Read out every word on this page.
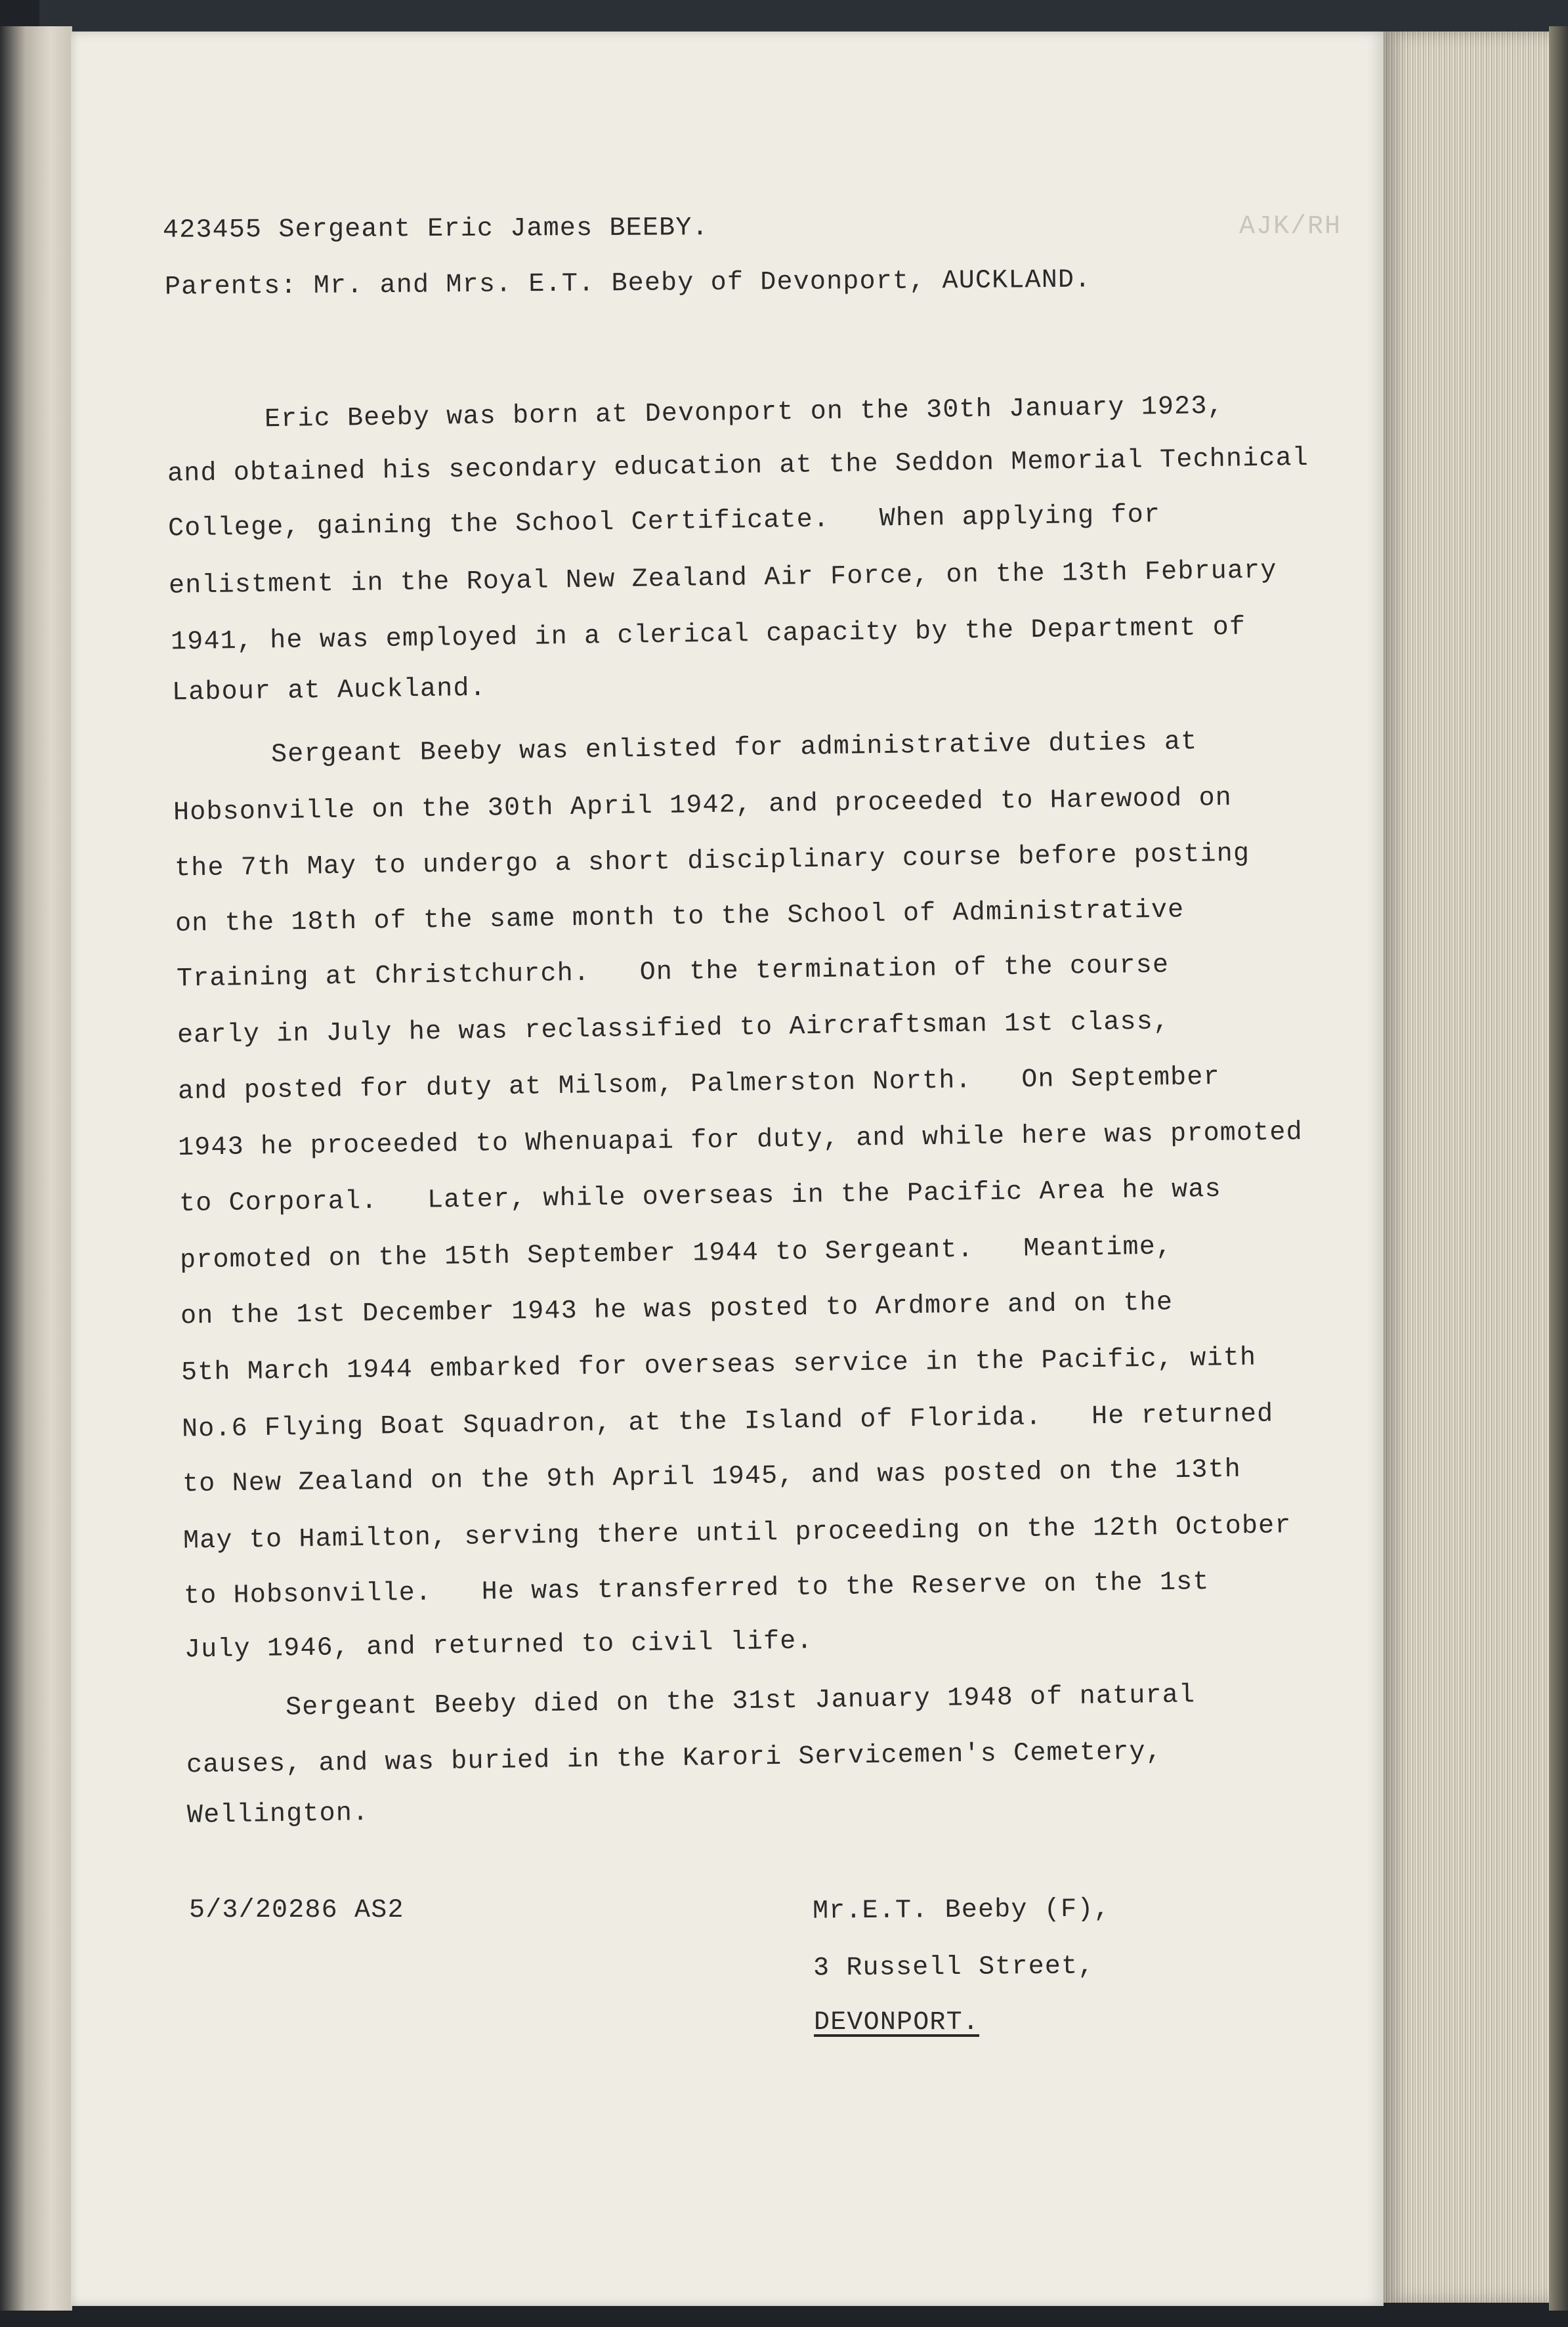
AJK/RH
423455 Sergeant Eric James BEEBY.
Parents: Mr. and Mrs. E.T. Beeby of Devonport, AUCKLAND.
Eric Beeby was born at Devonport on the 30th January 1923,
and obtained his secondary education at the Seddon Memorial Technical
College, gaining the School Certificate.   When applying for
enlistment in the Royal New Zealand Air Force, on the 13th February
1941, he was employed in a clerical capacity by the Department of
Labour at Auckland.
Sergeant Beeby was enlisted for administrative duties at
Hobsonville on the 30th April 1942, and proceeded to Harewood on
the 7th May to undergo a short disciplinary course before posting
on the 18th of the same month to the School of Administrative
Training at Christchurch.   On the termination of the course
early in July he was reclassified to Aircraftsman 1st class,
and posted for duty at Milsom, Palmerston North.   On September
1943 he proceeded to Whenuapai for duty, and while here was promoted
to Corporal.   Later, while overseas in the Pacific Area he was
promoted on the 15th September 1944 to Sergeant.   Meantime,
on the 1st December 1943 he was posted to Ardmore and on the
5th March 1944 embarked for overseas service in the Pacific, with
No.6 Flying Boat Squadron, at the Island of Florida.   He returned
to New Zealand on the 9th April 1945, and was posted on the 13th
May to Hamilton, serving there until proceeding on the 12th October
to Hobsonville.   He was transferred to the Reserve on the 1st
July 1946, and returned to civil life.
Sergeant Beeby died on the 31st January 1948 of natural
causes, and was buried in the Karori Servicemen's Cemetery,
Wellington.
5/3/20286 AS2	Mr.E.T. Beeby (F),
3 Russell Street,
DEVONPORT.
